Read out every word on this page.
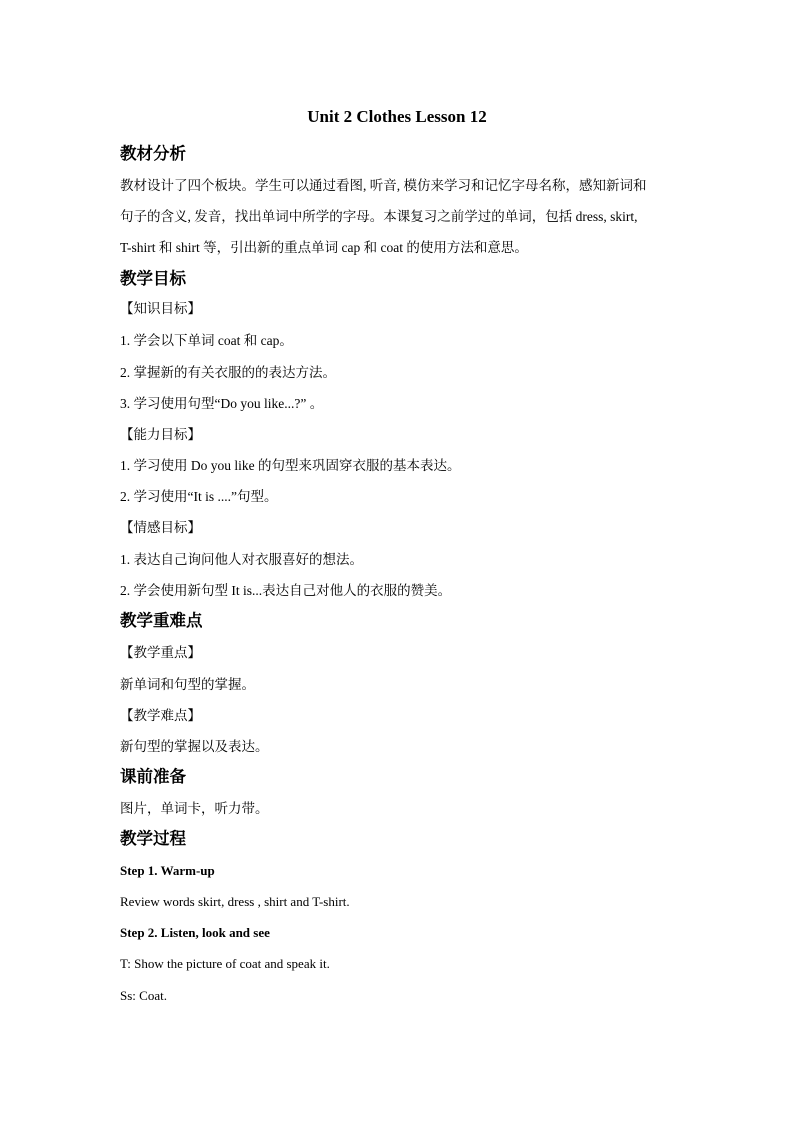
Unit 2 Clothes Lesson 12
教材分析
教材设计了四个板块。学生可以通过看图, 听音, 模仿来学习和记忆字母名称，感知新词和
句子的含义, 发音，找出单词中所学的字母。本课复习之前学过的单词，包括 dress, skirt,
T-shirt 和 shirt 等，引出新的重点单词 cap 和 coat 的使用方法和意思。
教学目标
【知识目标】
1. 学会以下单词 coat 和 cap。
2. 掌握新的有关衣服的的表达方法。
3. 学习使用句型“Do you like...?” 。
【能力目标】
1. 学习使用 Do you like 的句型来巩固穿衣服的基本表达。
2. 学习使用“It is ....”句型。
【情感目标】
1. 表达自己询问他人对衣服喜好的想法。
2. 学会使用新句型 It is...表达自己对他人的衣服的赞美。
教学重难点
【教学重点】
新单词和句型的掌握。
【教学难点】
新句型的掌握以及表达。
课前准备
图片，单词卡，听力带。
教学过程
Step 1. Warm-up
Review words skirt, dress , shirt and T-shirt.
Step 2. Listen, look and see
T: Show the picture of coat and speak it.
Ss: Coat.
